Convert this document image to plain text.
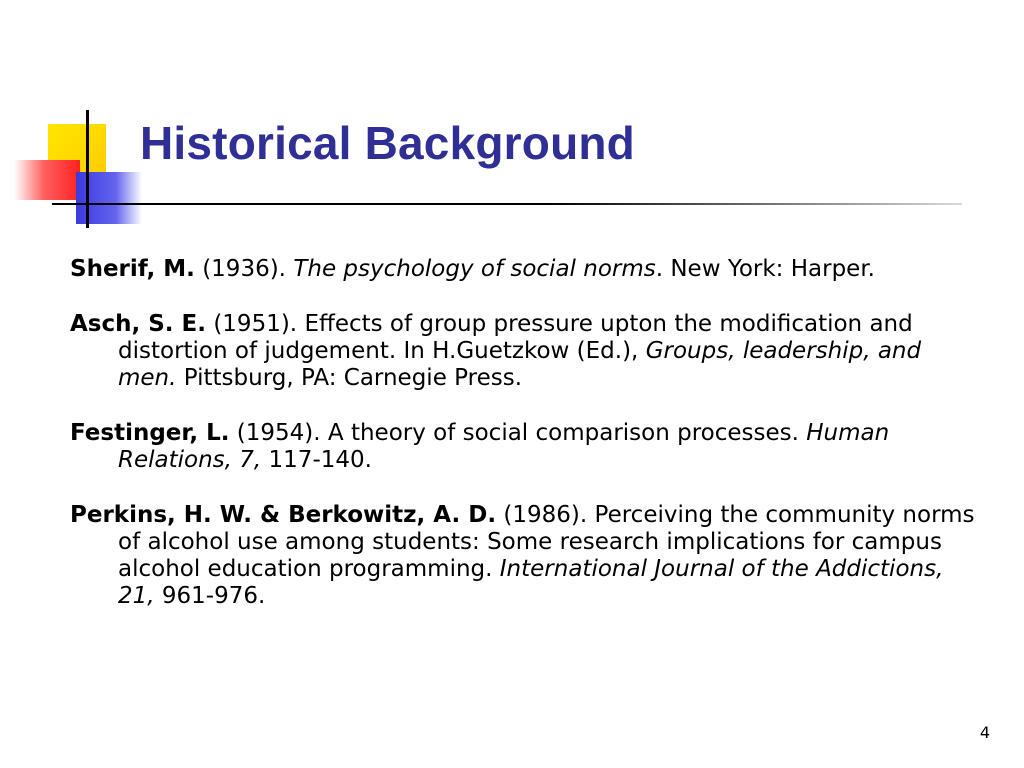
Historical Background

Sherif, M. (1936). The psychology of social norms. New York: Harper.

Asch, S. E. (1951). Effects of group pressure upton the modification and distortion of judgement. In H.Guetzkow (Ed.), Groups, leadership, and men. Pittsburg, PA: Carnegie Press.

Festinger, L. (1954). A theory of social comparison processes. Human Relations, 7, 117-140.

Perkins, H. W. & Berkowitz, A. D. (1986). Perceiving the community norms of alcohol use among students: Some research implications for campus alcohol education programming. International Journal of the Addictions, 21, 961-976.

4
